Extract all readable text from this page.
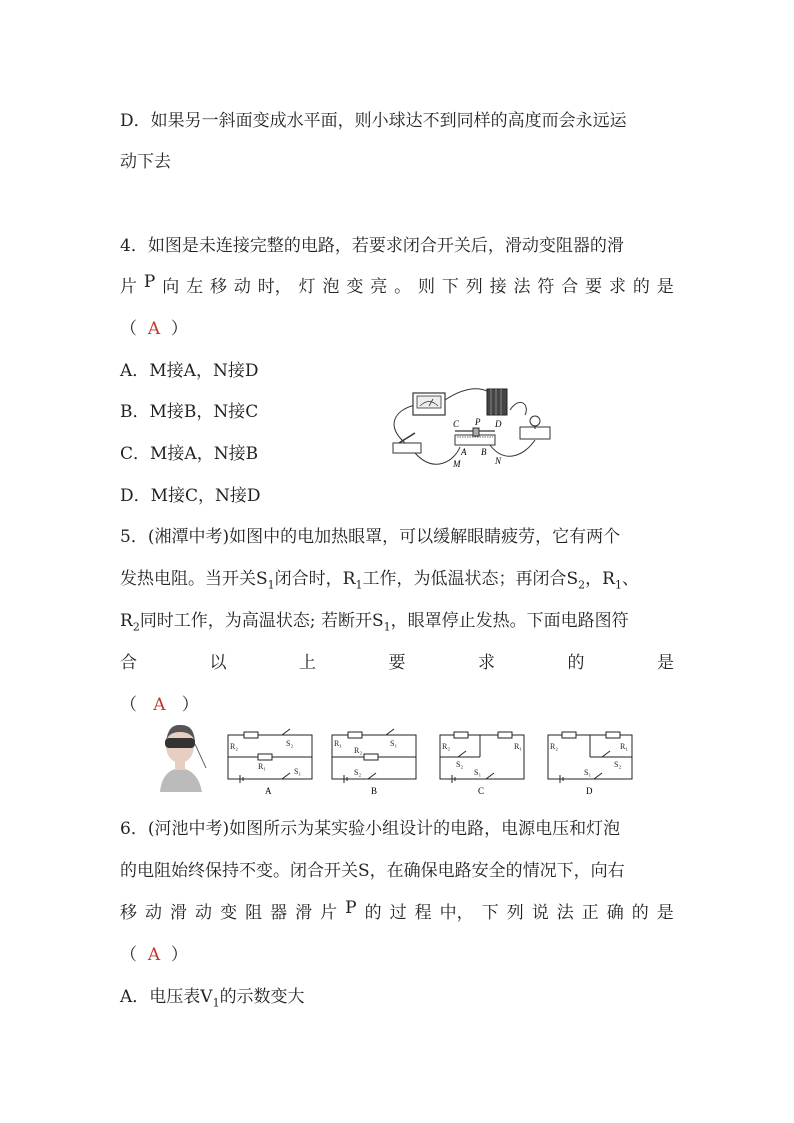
D．如果另一斜面变成水平面，则小球达不到同样的高度而会永远运
动下去
4．如图是未连接完整的电路，若要求闭合开关后，滑动变阻器的滑
片 P 向 左 移 动 时， 灯 泡 变 亮 。 则 下 列 接 法 符 合 要 求 的 是
（ A ）
A．M接A，N接D
B．M接B，N接C
C．M接A，N接B
D．M接C，N接D
C P D
A B
M	N
5．(湘潭中考)如图中的电加热眼罩，可以缓解眼睛疲劳，它有两个
发热电阻。当开关$S_1$闭合时，$R_1$工作，为低温状态；再闭合$S_2$，$R_1$、
$R_2$同时工作，为高温状态; 若断开$S_1$，眼罩停止发热。下面电路图符
合	以	上	要	求	的	是
（ A ）
R₂	S₂
R₁
S₁
A
R₁	S₁
R₂
S₂
B
R₂	R₁
S₂
S₁
C
R₂	R₁
S₂
S₁
D
6．(河池中考)如图所示为某实验小组设计的电路，电源电压和灯泡
的电阻始终保持不变。闭合开关S，在确保电路安全的情况下，向右
移 动 滑 动 变 阻 器 滑 片 P 的 过 程 中， 下 列 说 法 正 确 的 是
（ A ）
A．电压表$V_1$的示数变大
